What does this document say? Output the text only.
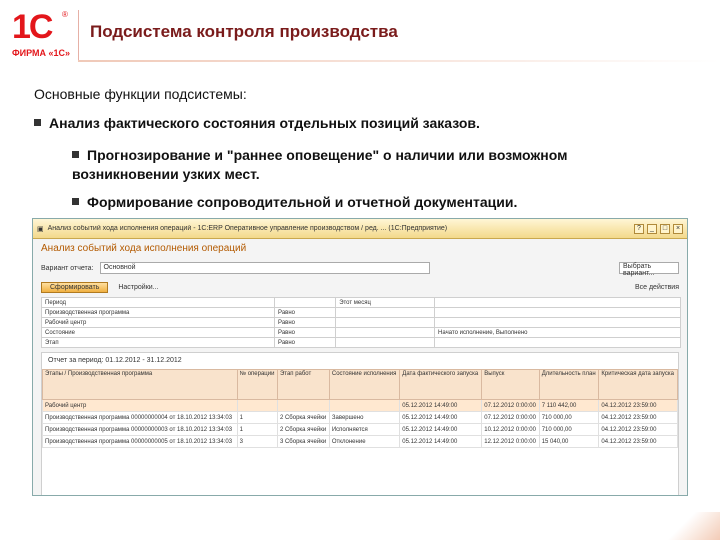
1С ®
ФИРМА «1С»
Подсистема контроля производства
Основные функции подсистемы:
Анализ фактического состояния отдельных позиций заказов.
Прогнозирование и "раннее оповещение" о наличии или возможном возникновении узких мест.
Формирование сопроводительной и отчетной документации.
▣ Анализ событий хода исполнения операций - 1С:ERP Оперативное управление производством / ред. ... (1С:Предприятие)	?	_	□	×
Анализ событий хода исполнения операций
Вариант отчета:	Основной	Выбрать вариант...
Сформировать	Настройки...	Все действия
Период		Этот месяц	
Производственная программа	Равно		
Рабочий центр	Равно		
Состояние	Равно		Начато исполнение, Выполнено
Этап	Равно		
Отчет за период: 01.12.2012 - 31.12.2012
Этапы / Производственная программа	№ операции	Этап работ	Состояние исполнения	Дата фактического запуска	Выпуск	Длительность план	Критическая дата запуска
Рабочий центр				05.12.2012 14:49:00	07.12.2012 0:00:00	7 110 442,00	04.12.2012 23:59:00
Производственная программа 00000000004 от 18.10.2012 13:34:03	1	2 Сборка ячейки	Завершено	05.12.2012 14:49:00	07.12.2012 0:00:00	710 000,00	04.12.2012 23:59:00
Производственная программа 00000000003 от 18.10.2012 13:34:03	1	2 Сборка ячейки	Исполняется	05.12.2012 14:49:00	10.12.2012 0:00:00	710 000,00	04.12.2012 23:59:00
Производственная программа 00000000005 от 18.10.2012 13:34:03	3	3 Сборка ячейки	Отклонение	05.12.2012 14:49:00	12.12.2012 0:00:00	15 040,00	04.12.2012 23:59:00
